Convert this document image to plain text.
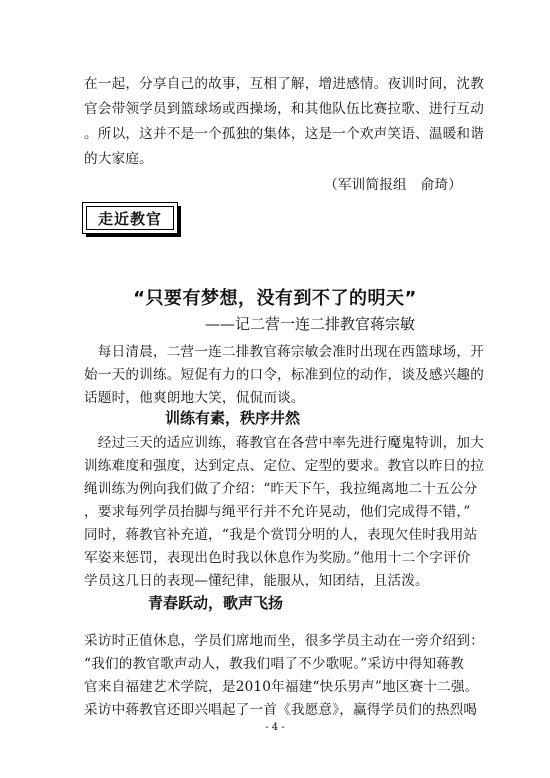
在一起，分享自己的故事，互相了解，增进感情。夜训时间，沈教
官会带领学员到篮球场或西操场，和其他队伍比赛拉歌、进行互动
。所以，这并不是一个孤独的集体，这是一个欢声笑语、温暖和谐
的大家庭。
（军训简报组　俞琦）
走近教官
“只要有梦想，没有到不了的明天”
——记二营一连二排教官蒋宗敏
　每日清晨，二营一连二排教官蒋宗敏会准时出现在西篮球场，开
始一天的训练。短促有力的口令，标准到位的动作，谈及感兴趣的
话题时，他爽朗地大笑，侃侃而谈。
训练有素，秩序井然
　经过三天的适应训练，蒋教官在各营中率先进行魔鬼特训，加大
训练难度和强度，达到定点、定位、定型的要求。教官以昨日的拉
绳训练为例向我们做了介绍：“昨天下午，我拉绳离地二十五公分
，要求每列学员抬脚与绳平行并不允许晃动，他们完成得不错，”
同时，蒋教官补充道，“我是个赏罚分明的人，表现欠佳时我用站
军姿来惩罚，表现出色时我以休息作为奖励。”他用十二个字评价
学员这几日的表现—懂纪律，能服从，知团结，且活泼。
青春跃动，歌声飞扬
采访时正值休息，学员们席地而坐，很多学员主动在一旁介绍到：
“我们的教官歌声动人，教我们唱了不少歌呢。”采访中得知蒋教
官来自福建艺术学院，是2010年福建“快乐男声”地区赛十二强。
采访中蒋教官还即兴唱起了一首《我愿意》，赢得学员们的热烈喝
- 4 -
